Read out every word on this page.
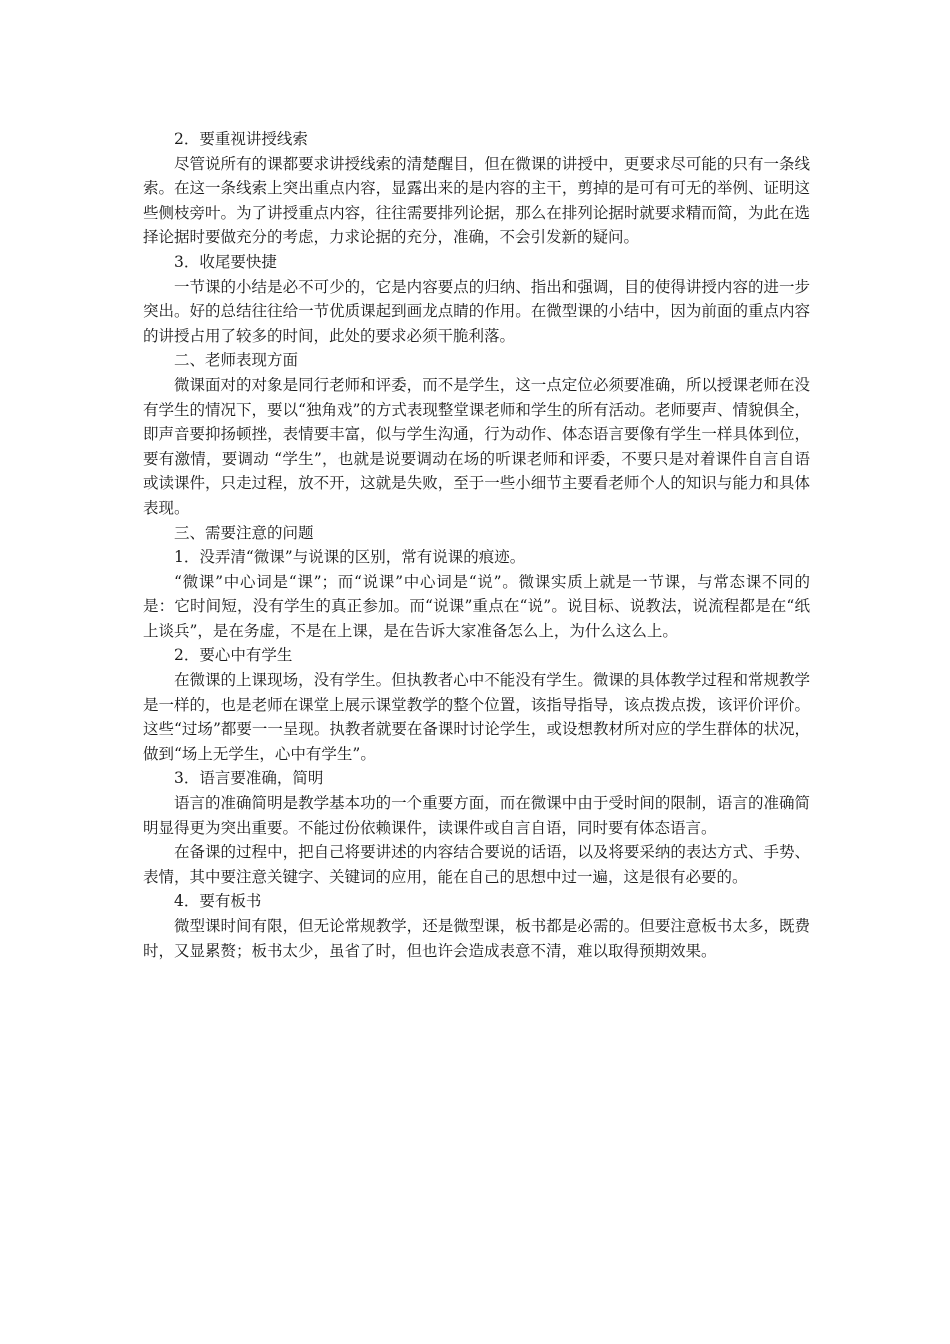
2．要重视讲授线索

尽管说所有的课都要求讲授线索的清楚醒目，但在微课的讲授中，更要求尽可能的只有一条线索。在这一条线索上突出重点内容，显露出来的是内容的主干，剪掉的是可有可无的举例、证明这些侧枝旁叶。为了讲授重点内容，往往需要排列论据，那么在排列论据时就要求精而简，为此在选择论据时要做充分的考虑，力求论据的充分，准确，不会引发新的疑问。

3．收尾要快捷

一节课的小结是必不可少的，它是内容要点的归纳、指出和强调，目的使得讲授内容的进一步突出。好的总结往往给一节优质课起到画龙点睛的作用。在微型课的小结中，因为前面的重点内容的讲授占用了较多的时间，此处的要求必须干脆利落。

二、老师表现方面

微课面对的对象是同行老师和评委，而不是学生，这一点定位必须要准确，所以授课老师在没有学生的情况下，要以“独角戏”的方式表现整堂课老师和学生的所有活动。老师要声、情貌俱全，即声音要抑扬顿挫，表情要丰富，似与学生沟通，行为动作、体态语言要像有学生一样具体到位，要有激情，要调动 “学生”，也就是说要调动在场的听课老师和评委，不要只是对着课件自言自语或读课件，只走过程，放不开，这就是失败，至于一些小细节主要看老师个人的知识与能力和具体表现。

三、需要注意的问题

1．没弄清“微课”与说课的区别，常有说课的痕迹。

“微课”中心词是“课”；而“说课”中心词是“说”。微课实质上就是一节课，与常态课不同的是：它时间短，没有学生的真正参加。而“说课”重点在“说”。说目标、说教法，说流程都是在“纸上谈兵”，是在务虚，不是在上课，是在告诉大家准备怎么上，为什么这么上。

2．要心中有学生

在微课的上课现场，没有学生。但执教者心中不能没有学生。微课的具体教学过程和常规教学是一样的，也是老师在课堂上展示课堂教学的整个位置，该指导指导，该点拨点拨，该评价评价。这些“过场”都要一一呈现。执教者就要在备课时讨论学生，或设想教材所对应的学生群体的状况，做到“场上无学生，心中有学生”。

3．语言要准确，简明

语言的准确简明是教学基本功的一个重要方面，而在微课中由于受时间的限制，语言的准确简明显得更为突出重要。不能过份依赖课件，读课件或自言自语，同时要有体态语言。

在备课的过程中，把自己将要讲述的内容结合要说的话语，以及将要采纳的表达方式、手势、表情，其中要注意关键字、关键词的应用，能在自己的思想中过一遍，这是很有必要的。

4．要有板书

微型课时间有限，但无论常规教学，还是微型课，板书都是必需的。但要注意板书太多，既费时，又显累赘；板书太少，虽省了时，但也许会造成表意不清，难以取得预期效果。
